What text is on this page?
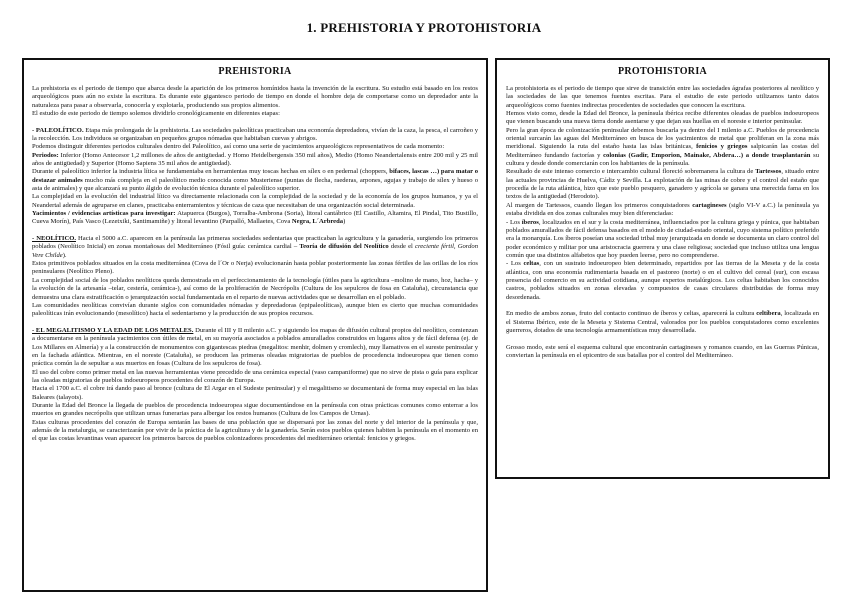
1. PREHISTORIA Y PROTOHISTORIA
PREHISTORIA

La prehistoria es el periodo de tiempo que abarca desde la aparición de los primeros homínidos hasta la invención de la escritura. Su estudio está basado en los restos arqueológicos pues aún no existe la escritura. Es durante este gigantesco periodo de tiempo en donde el hombre deja de comportarse como un depredador ante la naturaleza para pasar a observarla, conocerla y explotarla, produciendo sus propios alimentos.

El estudio de este periodo de tiempo solemos dividirlo cronológicamente en diferentes etapas:

- PALEOLÍTICO. Etapa más prolongada de la prehistoria. Las sociedades paleolíticas practicaban una economía depredadora, vivían de la caza, la pesca, el carroñeo y la recolección. Los individuos se organizaban en pequeños grupos nómadas que habitaban cuevas y abrigos.

Podemos distinguir diferentes periodos culturales dentro del Paleolítico, así como una serie de yacimientos arqueológicos representativos de cada momento:

Periodos: Inferior (Homo Antecesor 1,2 millones de años de antigüedad. y Homo Heidelbergensis 350 mil años), Medio (Homo Neandertalensis entre 200 mil y 25 mil años de antigüedad) y Superior (Homo Sapiens 35 mil años de antigüedad).

Durante el paleolítico inferior la industria lítica se fundamentaba en herramientas muy toscas hechas en sílex o en pedernal (choppers, bifaces, lascas …) para matar o destazar animales mucho más compleja en el paleolítico medio conocida como Musteriense (puntas de flecha, raederas, arpones, agujas y trabajo de sílex y hueso o asta de animales) y que alcanzará su punto álgido de evolución técnica durante el paleolítico superior.

La complejidad en la evolución del industrial lítico va directamente relacionada con la complejidad de la sociedad y de la economía de los grupos humanos, y ya el Neandertal además de agruparse en clanes, practicaba enterramientos y técnicas de caza que necesitaban de una organización social determinada.

Yacimientos / evidencias artísticas para investigar: Atapuerca (Burgos), Torralba-Ambrona (Soria), litoral cantábrico (El Castillo, Altamira, El Pindal, Tito Bustillo, Cueva Morín), País Vasco (Lezetxiki, Santimamiñe) y litoral levantino (Parpalló, Mallaetes, Cova Negra, L´Arbreda)

- NEOLÍTICO. Hacia el 5000 a.C. aparecen en la península las primeras sociedades sedentarias que practicaban la agricultura y la ganadería, surgiendo los primeros poblados (Neolítico Inicial) en zonas montañosas del Mediterráneo (Fósil guía: cerámica cardial – Teoría de difusión del Neolítico desde el creciente fértil, Gordon Vere Childe).

Estos primitivos poblados situados en la costa mediterránea (Cova de l´Or o Nerja) evolucionarán hasta poblar posteriormente las zonas fértiles de las orillas de los ríos peninsulares (Neolítico Pleno).

La complejidad social de los poblados neolíticos queda demostrada en el perfeccionamiento de la tecnología (útiles para la agricultura –molino de mano, hoz, hacha– y la evolución de la artesanía –telar, cestería, cerámica-), así como de la proliferación de Necrópolis (Cultura de los sepulcros de fosa en Cataluña), circunstancia que demuestra una clara estratificación o jerarquización social fundamentada en el reparto de nuevas actividades que se desarrollan en el poblado.

Las comunidades neolíticas convivían durante siglos con comunidades nómadas y depredadoras (epipaleolíticas), aunque bien es cierto que muchas comunidades paleolíticas irán evolucionando (mesolítico) hacia el sedentarismo y la producción de sus propios recursos.

- EL MEGALITISMO Y LA EDAD DE LOS METALES. Durante el III y II milenio a.C. y siguiendo los mapas de difusión cultural propios del neolítico, comienzan a documentarse en la península yacimientos con útiles de metal, en su mayoría asociados a poblados amurallados construidos en lugares altos y de fácil defensa (ej. de Los Millares en Almería) y a la construcción de monumentos con gigantescas piedras (megalitos: menhir, dolmen y cromlech), muy llamativos en el sureste peninsular y en la fachada atlántica. Mientras, en el noreste (Cataluña), se producen las primeras oleadas migratorias de pueblos de procedencia indoeuropea que tienen como práctica común la de sepultar a sus muertos en fosas (Cultura de los sepulcros de fosa).

El uso del cobre como primer metal en las nuevas herramientas viene precedido de una cerámica especial (vaso campaniforme) que no sirve de pista o guía para explicar las oleadas migratorias de pueblos indoeuropeos procedentes del corazón de Europa.

Hacia el 1700 a.C. el cobre irá dando paso al bronce (cultura de El Argar en el Sudeste peninsular) y el megalitismo se documentará de forma muy especial en las islas Baleares (talayots).

Durante la Edad del Bronce la llegada de pueblos de procedencia indoeuropea sigue documentándose en la península con otras prácticas comunes como enterrar a los muertos en grandes necrópolis que utilizan urnas funerarias para albergar los restos humanos (Cultura de los Campos de Urnas).

Estas culturas procedentes del corazón de Europa sentarán las bases de una población que se dispersará por las zonas del norte y del interior de la península y que, además de la metalurgia, se caracterizarán por vivir de la práctica de la agricultura y de la ganadería. Serán estos pueblos quienes habiten la península en el momento en el que las costas levantinas vean aparecer los primeros barcos de pueblos colonizadores procedentes del mediterráneo oriental: fenicios y griegos.

PROTOHISTORIA

La protohistoria es el periodo de tiempo que sirve de transición entre las sociedades ágrafas posteriores al neolítico y las sociedades de las que tenemos fuentes escritas. Para el estudio de este periodo utilizamos tanto datos arqueológicos como fuentes indirectas procedentes de sociedades que conocen la escritura.

Hemos visto como, desde la Edad del Bronce, la península ibérica recibe diferentes oleadas de pueblos indoeuropeos que vienen buscando una nueva tierra donde asentarse y que dejan sus huellas en el noreste e interior peninsular.

Pero la gran época de colonización peninsular debemos buscarla ya dentro del I milenio a.C. Pueblos de procedencia oriental surcarán las aguas del Mediterráneo en busca de los yacimientos de metal que proliferan en la zona más meridional. Siguiendo la ruta del estaño hasta las islas británicas, fenicios y griegos salpicarán las costas del Mediterráneo fundando factorías y colonias (Gadir, Emporion, Mainake, Abdera…) a donde trasplantarán su cultura y desde donde comerciarán con los habitantes de la península.

Resultado de este intenso comercio e intercambio cultural floreció sobremanera la cultura de Tartessos, situado entre las actuales provincias de Huelva, Cádiz y Sevilla. La explotación de las minas de cobre y el control del estaño que procedía de la ruta atlántica, hizo que este pueblo pesquero, ganadero y agrícola se ganara una merecida fama en los textos de la antigüedad (Herodoto).

Al margen de Tartessos, cuando llegan los primeros conquistadores cartagineses (siglo VI-V a.C.) la península ya estaba dividida en dos zonas culturales muy bien diferenciadas:

- Los íberos, localizados en el sur y la costa mediterránea, influenciados por la cultura griega y púnica, que habitaban poblados amurallados de fácil defensa basados en el modelo de ciudad-estado oriental, cuyo sistema político preferido era la monarquía. Los íberos poseían una sociedad tribal muy jerarquizada en donde se documenta un claro control del poder económico y militar por una aristocracia guerrera y una clase religiosa; sociedad que incluso utiliza una lengua común que usa distintos alfabetos que hoy pueden leerse, pero no comprenderse.

- Los celtas, con un sustrato indoeuropeo bien determinado, repartidos por las tierras de la Meseta y de la costa atlántica, con una economía rudimentaria basada en el pastoreo (norte) o en el cultivo del cereal (sur), con escasa presencia del comercio en su actividad cotidiana, aunque expertos metalúrgicos. Los celtas habitaban los conocidos castros, poblados situados en zonas elevadas y compuestos de casas circulares distribuidas de forma muy desordenada.

En medio de ambos zonas, fruto del contacto continuo de íberos y celtas, aparecerá la cultura celtíbera, localizada en el Sistema Ibérico, este de la Meseta y Sistema Central, valorados por los pueblos conquistadores como excelentes guerreros, dotados de una tecnología armamentísticas muy desarrollada.

Grosso modo, este será el esquema cultural que encontrarán cartagineses y romanos cuando, en las Guerras Púnicas, conviertan la península en el epicentro de sus batallas por el control del Mediterráneo.
